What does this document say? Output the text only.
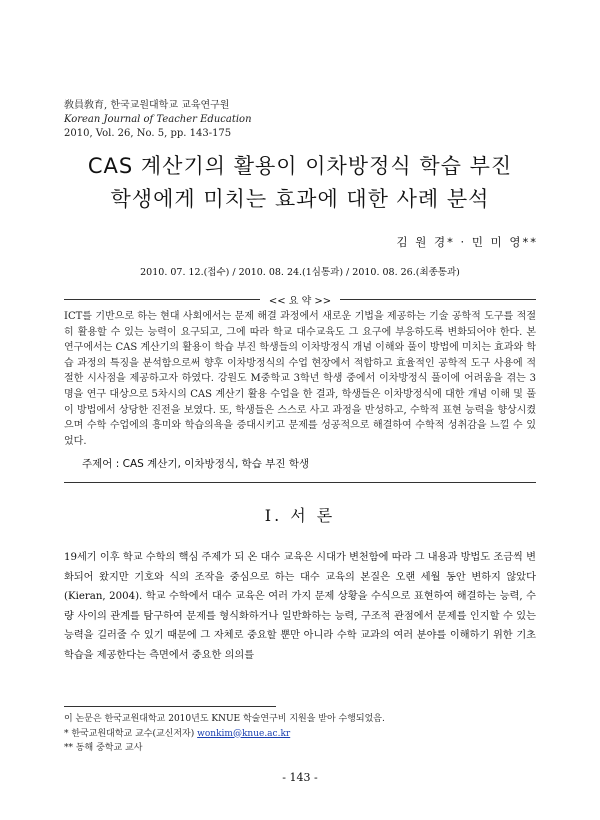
敎員敎育, 한국교원대학교 교육연구원
Korean Journal of Teacher Education
2010, Vol. 26, No. 5, pp. 143-175
CAS 계산기의 활용이 이차방정식 학습 부진
학생에게 미치는 효과에 대한 사례 분석
김 원 경* · 민 미 영**
2010. 07. 12.(접수) / 2010. 08. 24.(1심통과) / 2010. 08. 26.(최종통과)
<< 요 약 >>
ICT를 기반으로 하는 현대 사회에서는 문제 해결 과정에서 새로운 기법을 제공하는 기술 공학적 도구를 적절히 활용할 수 있는 능력이 요구되고, 그에 따라 학교 대수교육도 그 요구에 부응하도록 변화되어야 한다. 본 연구에서는 CAS 계산기의 활용이 학습 부진 학생들의 이차방정식 개념 이해와 풀이 방법에 미치는 효과와 학습 과정의 특징을 분석함으로써 향후 이차방정식의 수업 현장에서 적합하고 효율적인 공학적 도구 사용에 적절한 시사점을 제공하고자 하였다. 강원도 M중학교 3학년 학생 중에서 이차방정식 풀이에 어려움을 겪는 3명을 연구 대상으로 5차시의 CAS 계산기 활용 수업을 한 결과, 학생들은 이차방정식에 대한 개념 이해 및 풀이 방법에서 상당한 진전을 보였다. 또, 학생들은 스스로 사고 과정을 반성하고, 수학적 표현 능력을 향상시켰으며 수학 수업에의 흥미와 학습의욕을 증대시키고 문제를 성공적으로 해결하여 수학적 성취감을 느낄 수 있었다.
주제어 : CAS 계산기, 이차방정식, 학습 부진 학생
Ⅰ. 서 론
19세기 이후 학교 수학의 핵심 주제가 되 온 대수 교육은 시대가 변천함에 따라 그 내용과 방법도 조금씩 변화되어 왔지만 기호와 식의 조작을 중심으로 하는 대수 교육의 본질은 오랜 세월 동안 변하지 않았다(Kieran, 2004). 학교 수학에서 대수 교육은 여러 가지 문제 상황을 수식으로 표현하여 해결하는 능력, 수량 사이의 관계를 탐구하여 문제를 형식화하거나 일반화하는 능력, 구조적 관점에서 문제를 인지할 수 있는 능력을 길러줄 수 있기 때문에 그 자체로 중요할 뿐만 아니라 수학 교과의 여러 분야를 이해하기 위한 기초 학습을 제공한다는 측면에서 중요한 의의를
이 논문은 한국교원대학교 2010년도 KNUE 학술연구비 지원을 받아 수행되었음.
* 한국교원대학교 교수(교신저자) wonkim@knue.ac.kr
** 동해 중학교 교사
- 143 -
